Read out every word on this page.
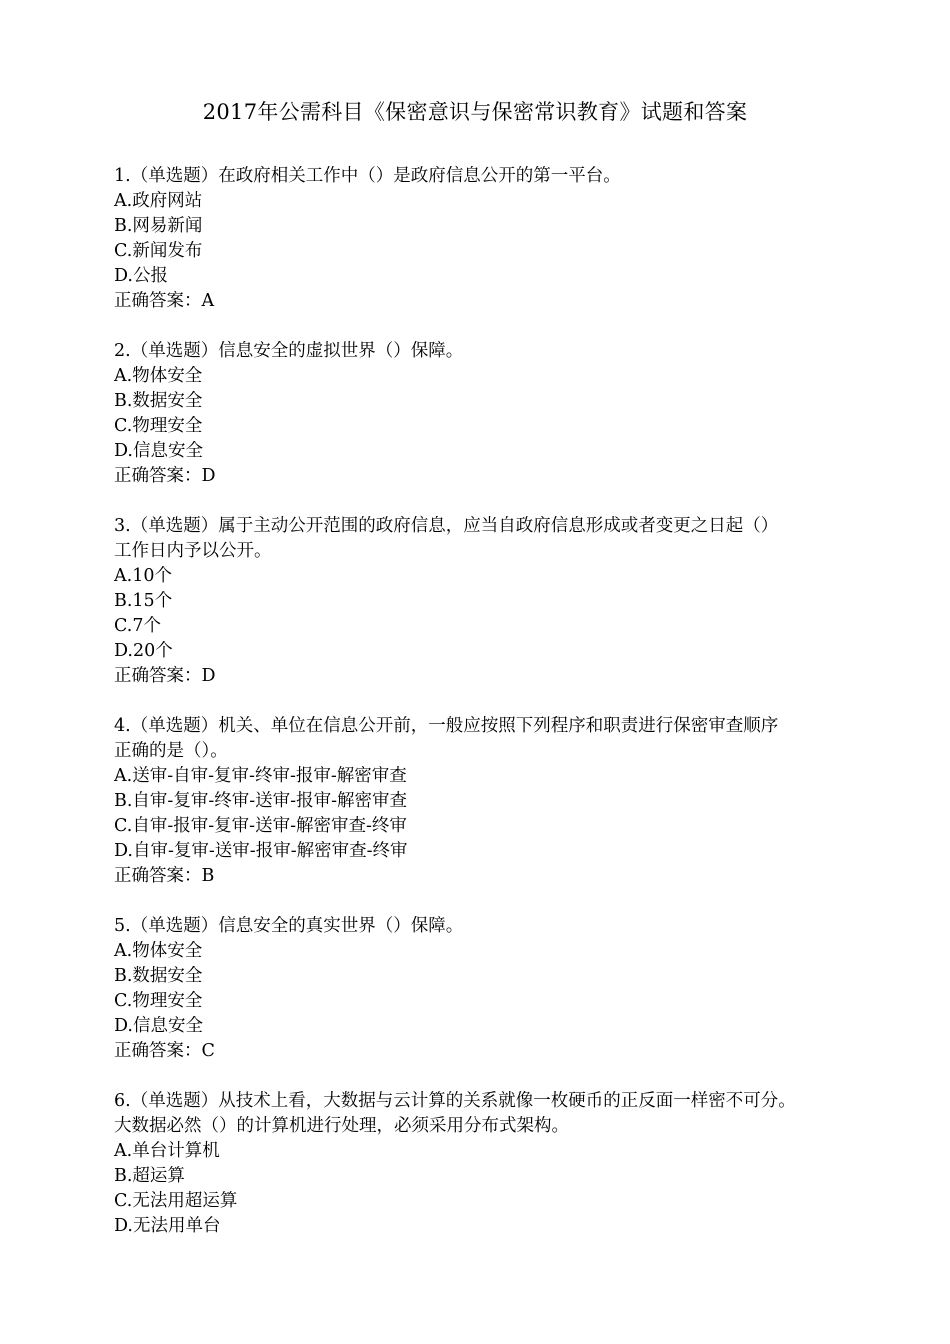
2017年公需科目《保密意识与保密常识教育》试题和答案
1.（单选题）在政府相关工作中（）是政府信息公开的第一平台。
A.政府网站
B.网易新闻
C.新闻发布
D.公报
正确答案：A
2.（单选题）信息安全的虚拟世界（）保障。
A.物体安全
B.数据安全
C.物理安全
D.信息安全
正确答案：D
3.（单选题）属于主动公开范围的政府信息，应当自政府信息形成或者变更之日起（）
工作日内予以公开。
A.10个
B.15个
C.7个
D.20个
正确答案：D
4.（单选题）机关、单位在信息公开前，一般应按照下列程序和职责进行保密审查顺序
正确的是（）。
A.送审-自审-复审-终审-报审-解密审查
B.自审-复审-终审-送审-报审-解密审查
C.自审-报审-复审-送审-解密审查-终审
D.自审-复审-送审-报审-解密审查-终审
正确答案：B
5.（单选题）信息安全的真实世界（）保障。
A.物体安全
B.数据安全
C.物理安全
D.信息安全
正确答案：C
6.（单选题）从技术上看，大数据与云计算的关系就像一枚硬币的正反面一样密不可分。
大数据必然（）的计算机进行处理，必须采用分布式架构。
A.单台计算机
B.超运算
C.无法用超运算
D.无法用单台
